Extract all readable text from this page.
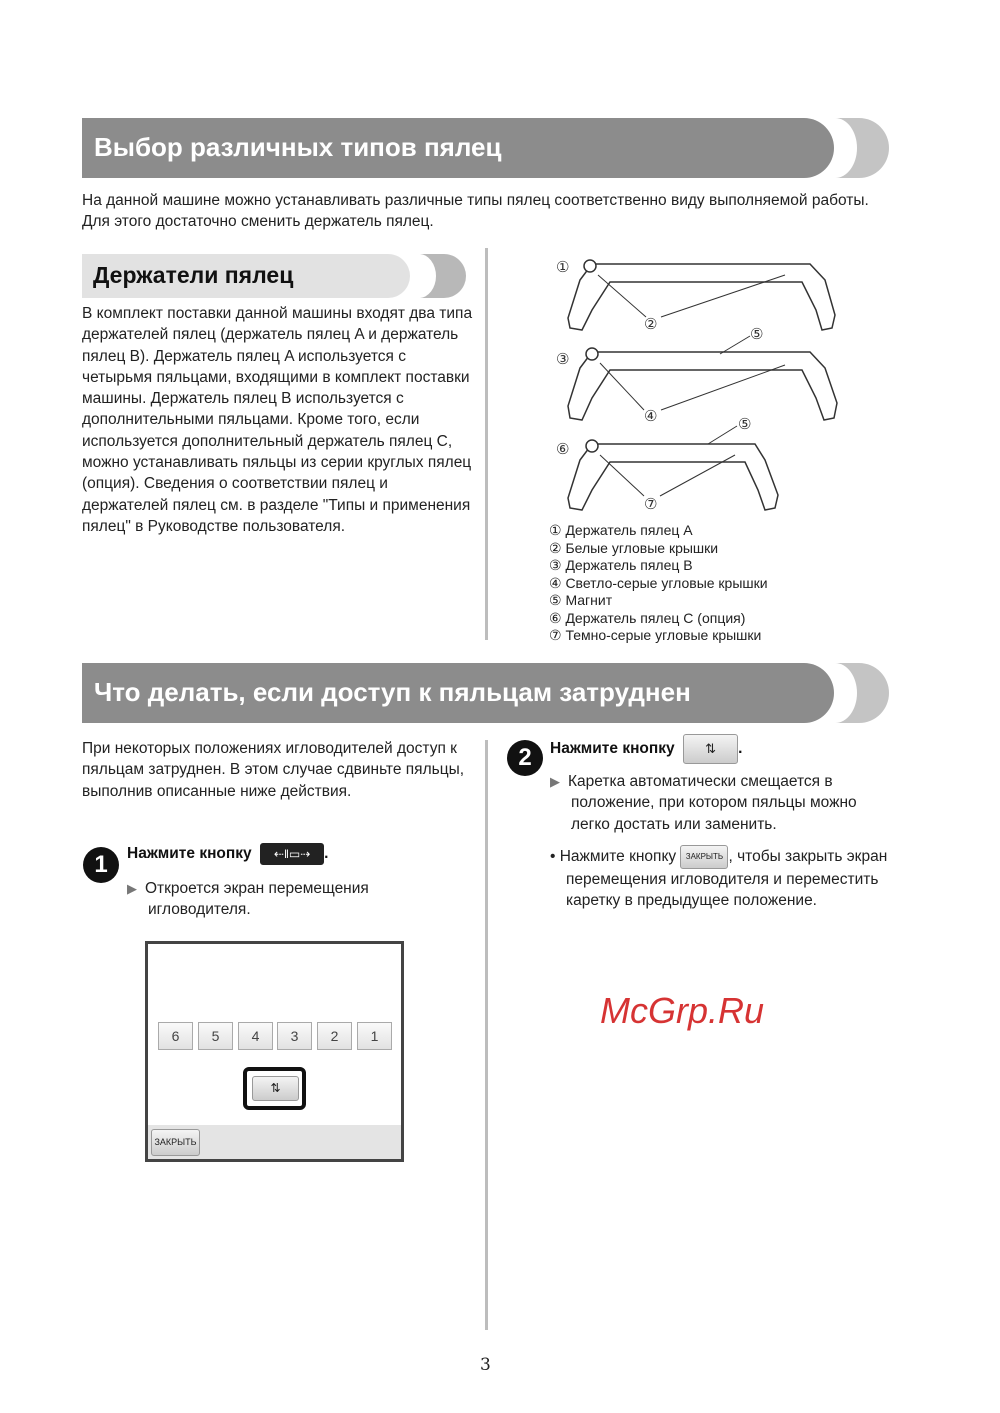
Выбор различных типов пялец
На данной машине можно устанавливать различные типы пялец соответственно виду выполняемой работы. Для этого достаточно сменить держатель пялец.
Держатели пялец
В комплект поставки данной машины входят два типа держателей пялец (держатель пялец A и держатель пялец B). Держатель пялец A используется с четырьмя пяльцами, входящими в комплект поставки машины. Держатель пялец B используется с дополнительными пяльцами. Кроме того, если используется дополнительный держатель пялец C, можно устанавливать пяльцы из серии круглых пялец (опция). Сведения о соответствии пялец и держателей пялец см. в разделе "Типы и применения пялец" в Руководстве пользователя.
①
②
③
④
⑤
⑥
⑦
⑤
① Держатель пялец A
② Белые угловые крышки
③ Держатель пялец B
④ Светло-серые угловые крышки
⑤ Магнит
⑥ Держатель пялец C (опция)
⑦ Темно-серые угловые крышки
Что делать, если доступ к пяльцам затруднен
При некоторых положениях игловодителей доступ к пяльцам затруднен. В этом случае сдвиньте пяльцы, выполнив описанные ниже действия.
1	Нажмите кнопку ⇠ǁ▭⇢ .
▶ Откроется экран перемещения игловодителя.
6	5	4	3	2	1
⇅
ЗАКРЫТЬ
2	Нажмите кнопку ⇅ .
▶ Каретка автоматически смещается в положение, при котором пяльцы можно легко достать или заменить.
• Нажмите кнопку ЗАКРЫТЬ , чтобы закрыть экран перемещения игловодителя и переместить каретку в предыдущее положение.
McGrp.Ru
3
